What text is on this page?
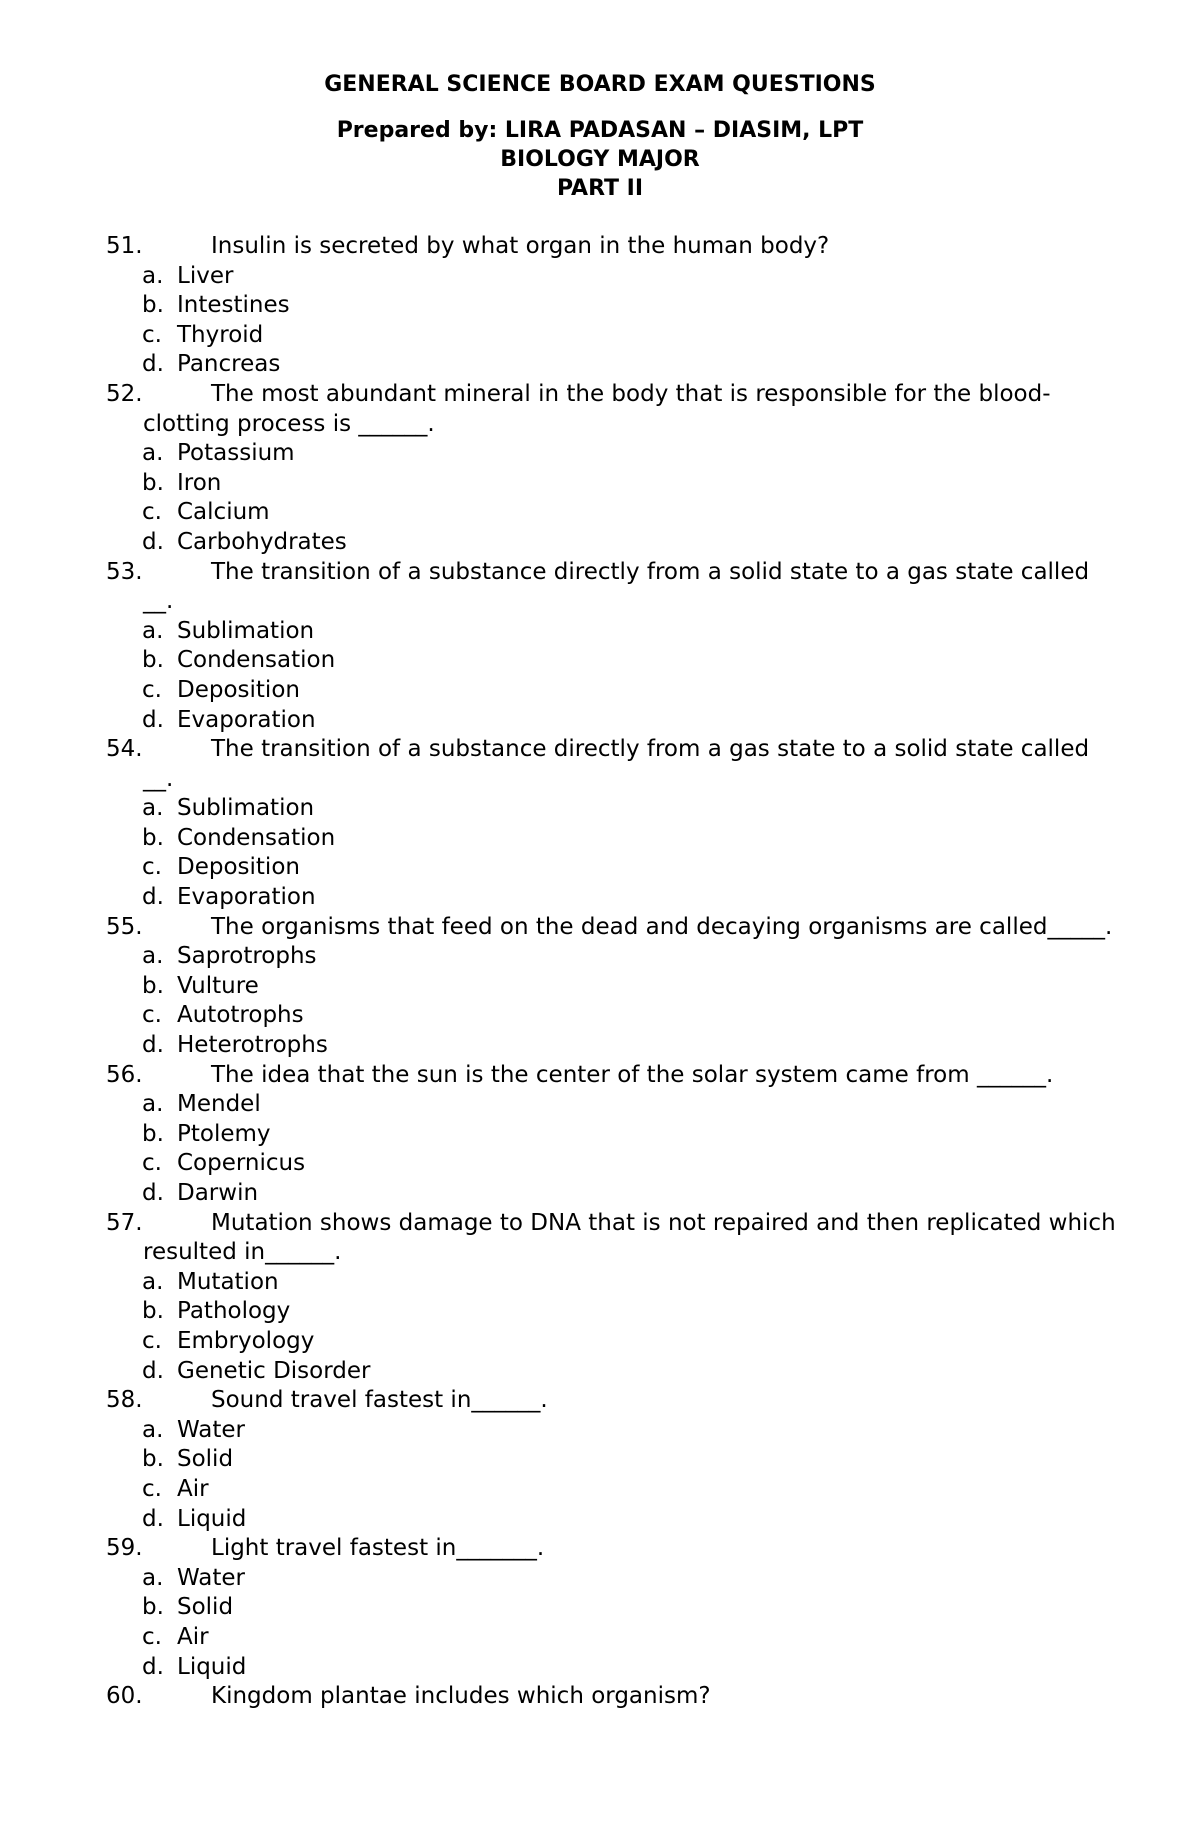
GENERAL SCIENCE BOARD EXAM QUESTIONS
Prepared by: LIRA PADASAN – DIASIM, LPT
BIOLOGY MAJOR
PART II
51.	Insulin is secreted by what organ in the human body?
a. Liver
b. Intestines
c. Thyroid
d. Pancreas
52.	The most abundant mineral in the body that is responsible for the blood-clotting process is ______.
a. Potassium
b. Iron
c. Calcium
d. Carbohydrates
53.	The transition of a substance directly from a solid state to a gas state called __.
a. Sublimation
b. Condensation
c. Deposition
d. Evaporation
54.	The transition of a substance directly from a gas state to a solid state called __.
a. Sublimation
b. Condensation
c. Deposition
d. Evaporation
55.	The organisms that feed on the dead and decaying organisms are called_____.
a. Saprotrophs
b. Vulture
c. Autotrophs
d. Heterotrophs
56.	The idea that the sun is the center of the solar system came from ______.
a. Mendel
b. Ptolemy
c. Copernicus
d. Darwin
57.	Mutation shows damage to DNA that is not repaired and then replicated which resulted in______.
a. Mutation
b. Pathology
c. Embryology
d. Genetic Disorder
58.	Sound travel fastest in______.
a. Water
b. Solid
c. Air
d. Liquid
59.	Light travel fastest in_______.
a. Water
b. Solid
c. Air
d. Liquid
60.	Kingdom plantae includes which organism?
